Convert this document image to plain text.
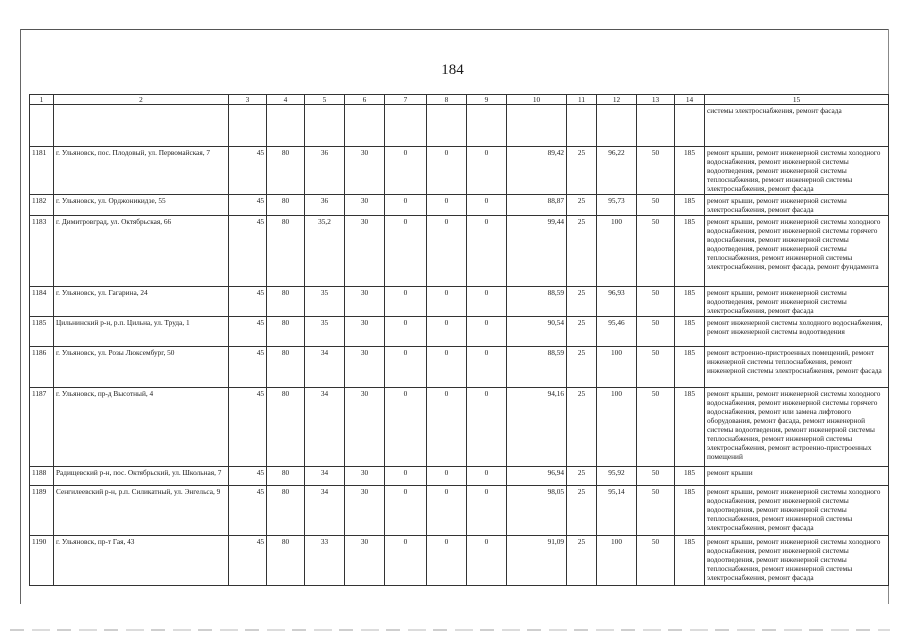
184
1	2	3	4	5	6	7	8	9	10	11	12	13	14	15
														системы электроснабжения, ремонт фасада
1181	г. Ульяновск, пос. Плодовый, ул. Первомайская, 7	45	80	36	30	0	0	0	89,42	25	96,22	50	185	ремонт крыши, ремонт инженерной системы холодного водоснабжения, ремонт инженерной системы водоотведения, ремонт инженерной системы теплоснабжения, ремонт инженерной системы электроснабжения, ремонт фасада
1182	г. Ульяновск, ул. Орджоникидзе, 55	45	80	36	30	0	0	0	88,87	25	95,73	50	185	ремонт крыши, ремонт инженерной системы электроснабжения, ремонт фасада
1183	г. Димитровград, ул. Октябрьская, 66	45	80	35,2	30	0	0	0	99,44	25	100	50	185	ремонт крыши, ремонт инженерной системы холодного водоснабжения, ремонт инженерной системы горячего водоснабжения, ремонт инженерной системы водоотведения, ремонт инженерной системы теплоснабжения, ремонт инженерной системы электроснабжения, ремонт фасада, ремонт фундамента
1184	г. Ульяновск, ул. Гагарина, 24	45	80	35	30	0	0	0	88,59	25	96,93	50	185	ремонт крыши, ремонт инженерной системы водоотведения, ремонт инженерной системы электроснабжения, ремонт фасада
1185	Цильнинский р-н, р.п. Цильна, ул. Труда, 1	45	80	35	30	0	0	0	90,54	25	95,46	50	185	ремонт инженерной системы холодного водоснабжения, ремонт инженерной системы водоотведения
1186	г. Ульяновск, ул. Розы Люксембург, 50	45	80	34	30	0	0	0	88,59	25	100	50	185	ремонт встроенно-пристроенных помещений, ремонт инженерной системы теплоснабжения, ремонт инженерной системы электроснабжения, ремонт фасада
1187	г. Ульяновск, пр-д Высотный, 4	45	80	34	30	0	0	0	94,16	25	100	50	185	ремонт крыши, ремонт инженерной системы холодного водоснабжения, ремонт инженерной системы горячего водоснабжения, ремонт или замена лифтового оборудования, ремонт фасада, ремонт инженерной системы водоотведения, ремонт инженерной системы теплоснабжения, ремонт инженерной системы электроснабжения, ремонт встроенно-пристроенных помещений
1188	Радищевский р-н, пос. Октябрьский, ул. Школьная, 7	45	80	34	30	0	0	0	96,94	25	95,92	50	185	ремонт крыши
1189	Сенгилеевский р-н, р.п. Силикатный, ул. Энгельса, 9	45	80	34	30	0	0	0	98,05	25	95,14	50	185	ремонт крыши, ремонт инженерной системы холодного водоснабжения, ремонт инженерной системы водоотведения, ремонт инженерной системы теплоснабжения, ремонт инженерной системы электроснабжения, ремонт фасада
1190	г. Ульяновск, пр-т Гая, 43	45	80	33	30	0	0	0	91,09	25	100	50	185	ремонт крыши, ремонт инженерной системы холодного водоснабжения, ремонт инженерной системы водоотведения, ремонт инженерной системы теплоснабжения, ремонт инженерной системы электроснабжения, ремонт фасада
